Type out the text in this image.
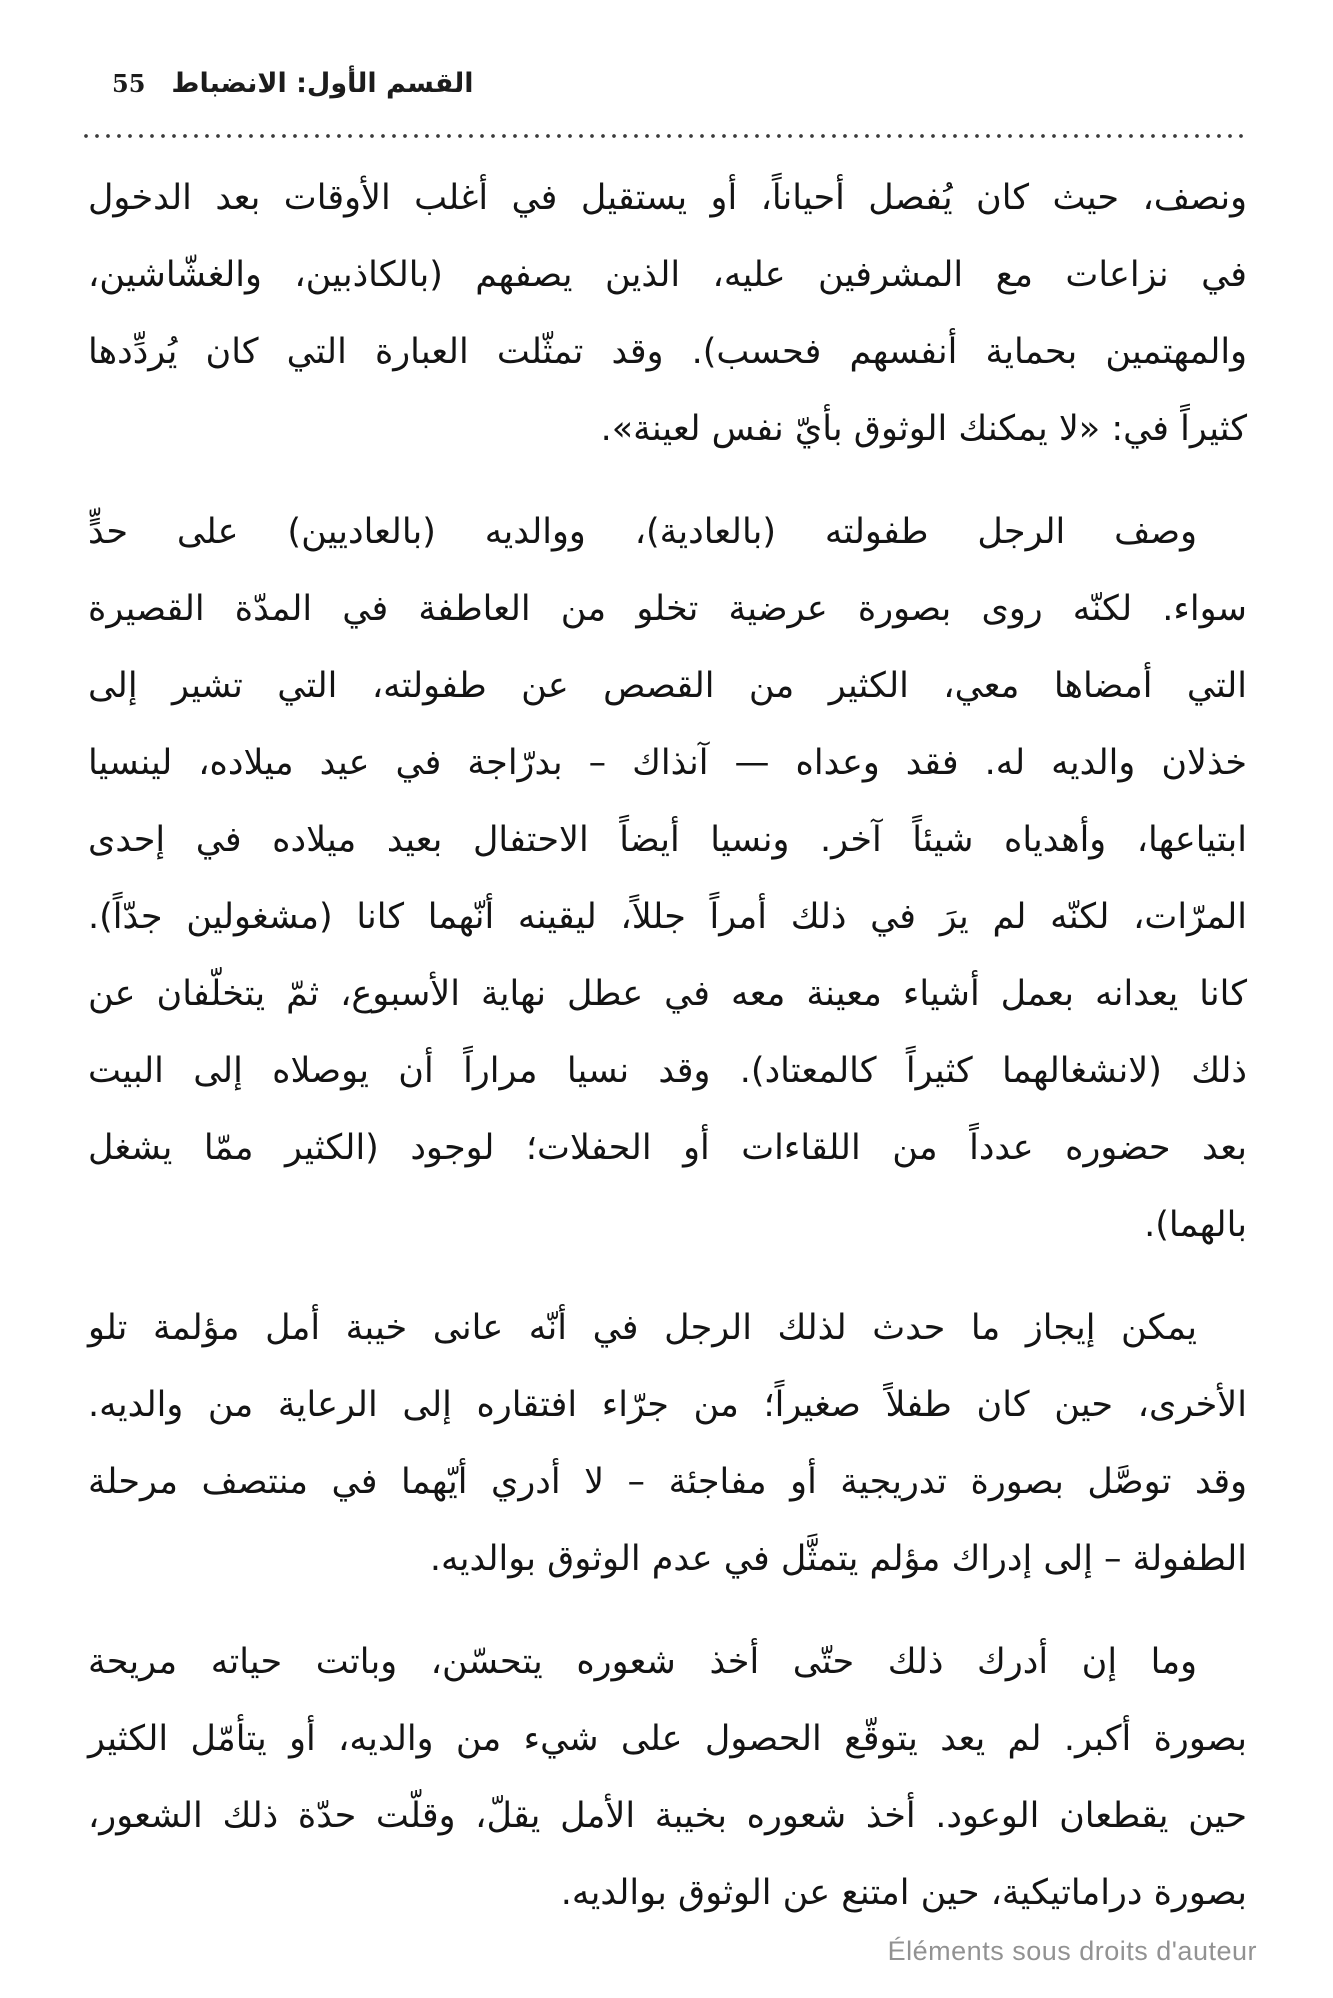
القسم الأول: الانضباط
55
ونصف، حيث كان يُفصل أحياناً، أو يستقيل في أغلب الأوقات بعد الدخول
في نزاعات مع المشرفين عليه، الذين يصفهم (بالكاذبين، والغشّاشين،
والمهتمين بحماية أنفسهم فحسب). وقد تمثّلت العبارة التي كان يُردِّدها
كثيراً في: «لا يمكنك الوثوق بأيّ نفس لعينة».
وصف الرجل طفولته (بالعادية)، ووالديه (بالعاديين) على حدٍّ
سواء. لكنّه روى بصورة عرضية تخلو من العاطفة في المدّة القصيرة
التي أمضاها معي، الكثير من القصص عن طفولته، التي تشير إلى
خذلان والديه له. فقد وعداه — آنذاك – بدرّاجة في عيد ميلاده، لينسيا
ابتياعها، وأهدياه شيئاً آخر. ونسيا أيضاً الاحتفال بعيد ميلاده في إحدى
المرّات، لكنّه لم يرَ في ذلك أمراً جللاً، ليقينه أنّهما كانا (مشغولين جدّاً).
كانا يعدانه بعمل أشياء معينة معه في عطل نهاية الأسبوع، ثمّ يتخلّفان عن
ذلك (لانشغالهما كثيراً كالمعتاد). وقد نسيا مراراً أن يوصلاه إلى البيت
بعد حضوره عدداً من اللقاءات أو الحفلات؛ لوجود (الكثير ممّا يشغل
بالهما).
يمكن إيجاز ما حدث لذلك الرجل في أنّه عانى خيبة أمل مؤلمة تلو
الأخرى، حين كان طفلاً صغيراً؛ من جرّاء افتقاره إلى الرعاية من والديه.
وقد توصَّل بصورة تدريجية أو مفاجئة – لا أدري أيّهما في منتصف مرحلة
الطفولة – إلى إدراك مؤلم يتمثَّل في عدم الوثوق بوالديه.
وما إن أدرك ذلك حتّى أخذ شعوره يتحسّن، وباتت حياته مريحة
بصورة أكبر. لم يعد يتوقّع الحصول على شيء من والديه، أو يتأمّل الكثير
حين يقطعان الوعود. أخذ شعوره بخيبة الأمل يقلّ، وقلّت حدّة ذلك الشعور،
بصورة دراماتيكية، حين امتنع عن الوثوق بوالديه.
Éléments sous droits d'auteur
